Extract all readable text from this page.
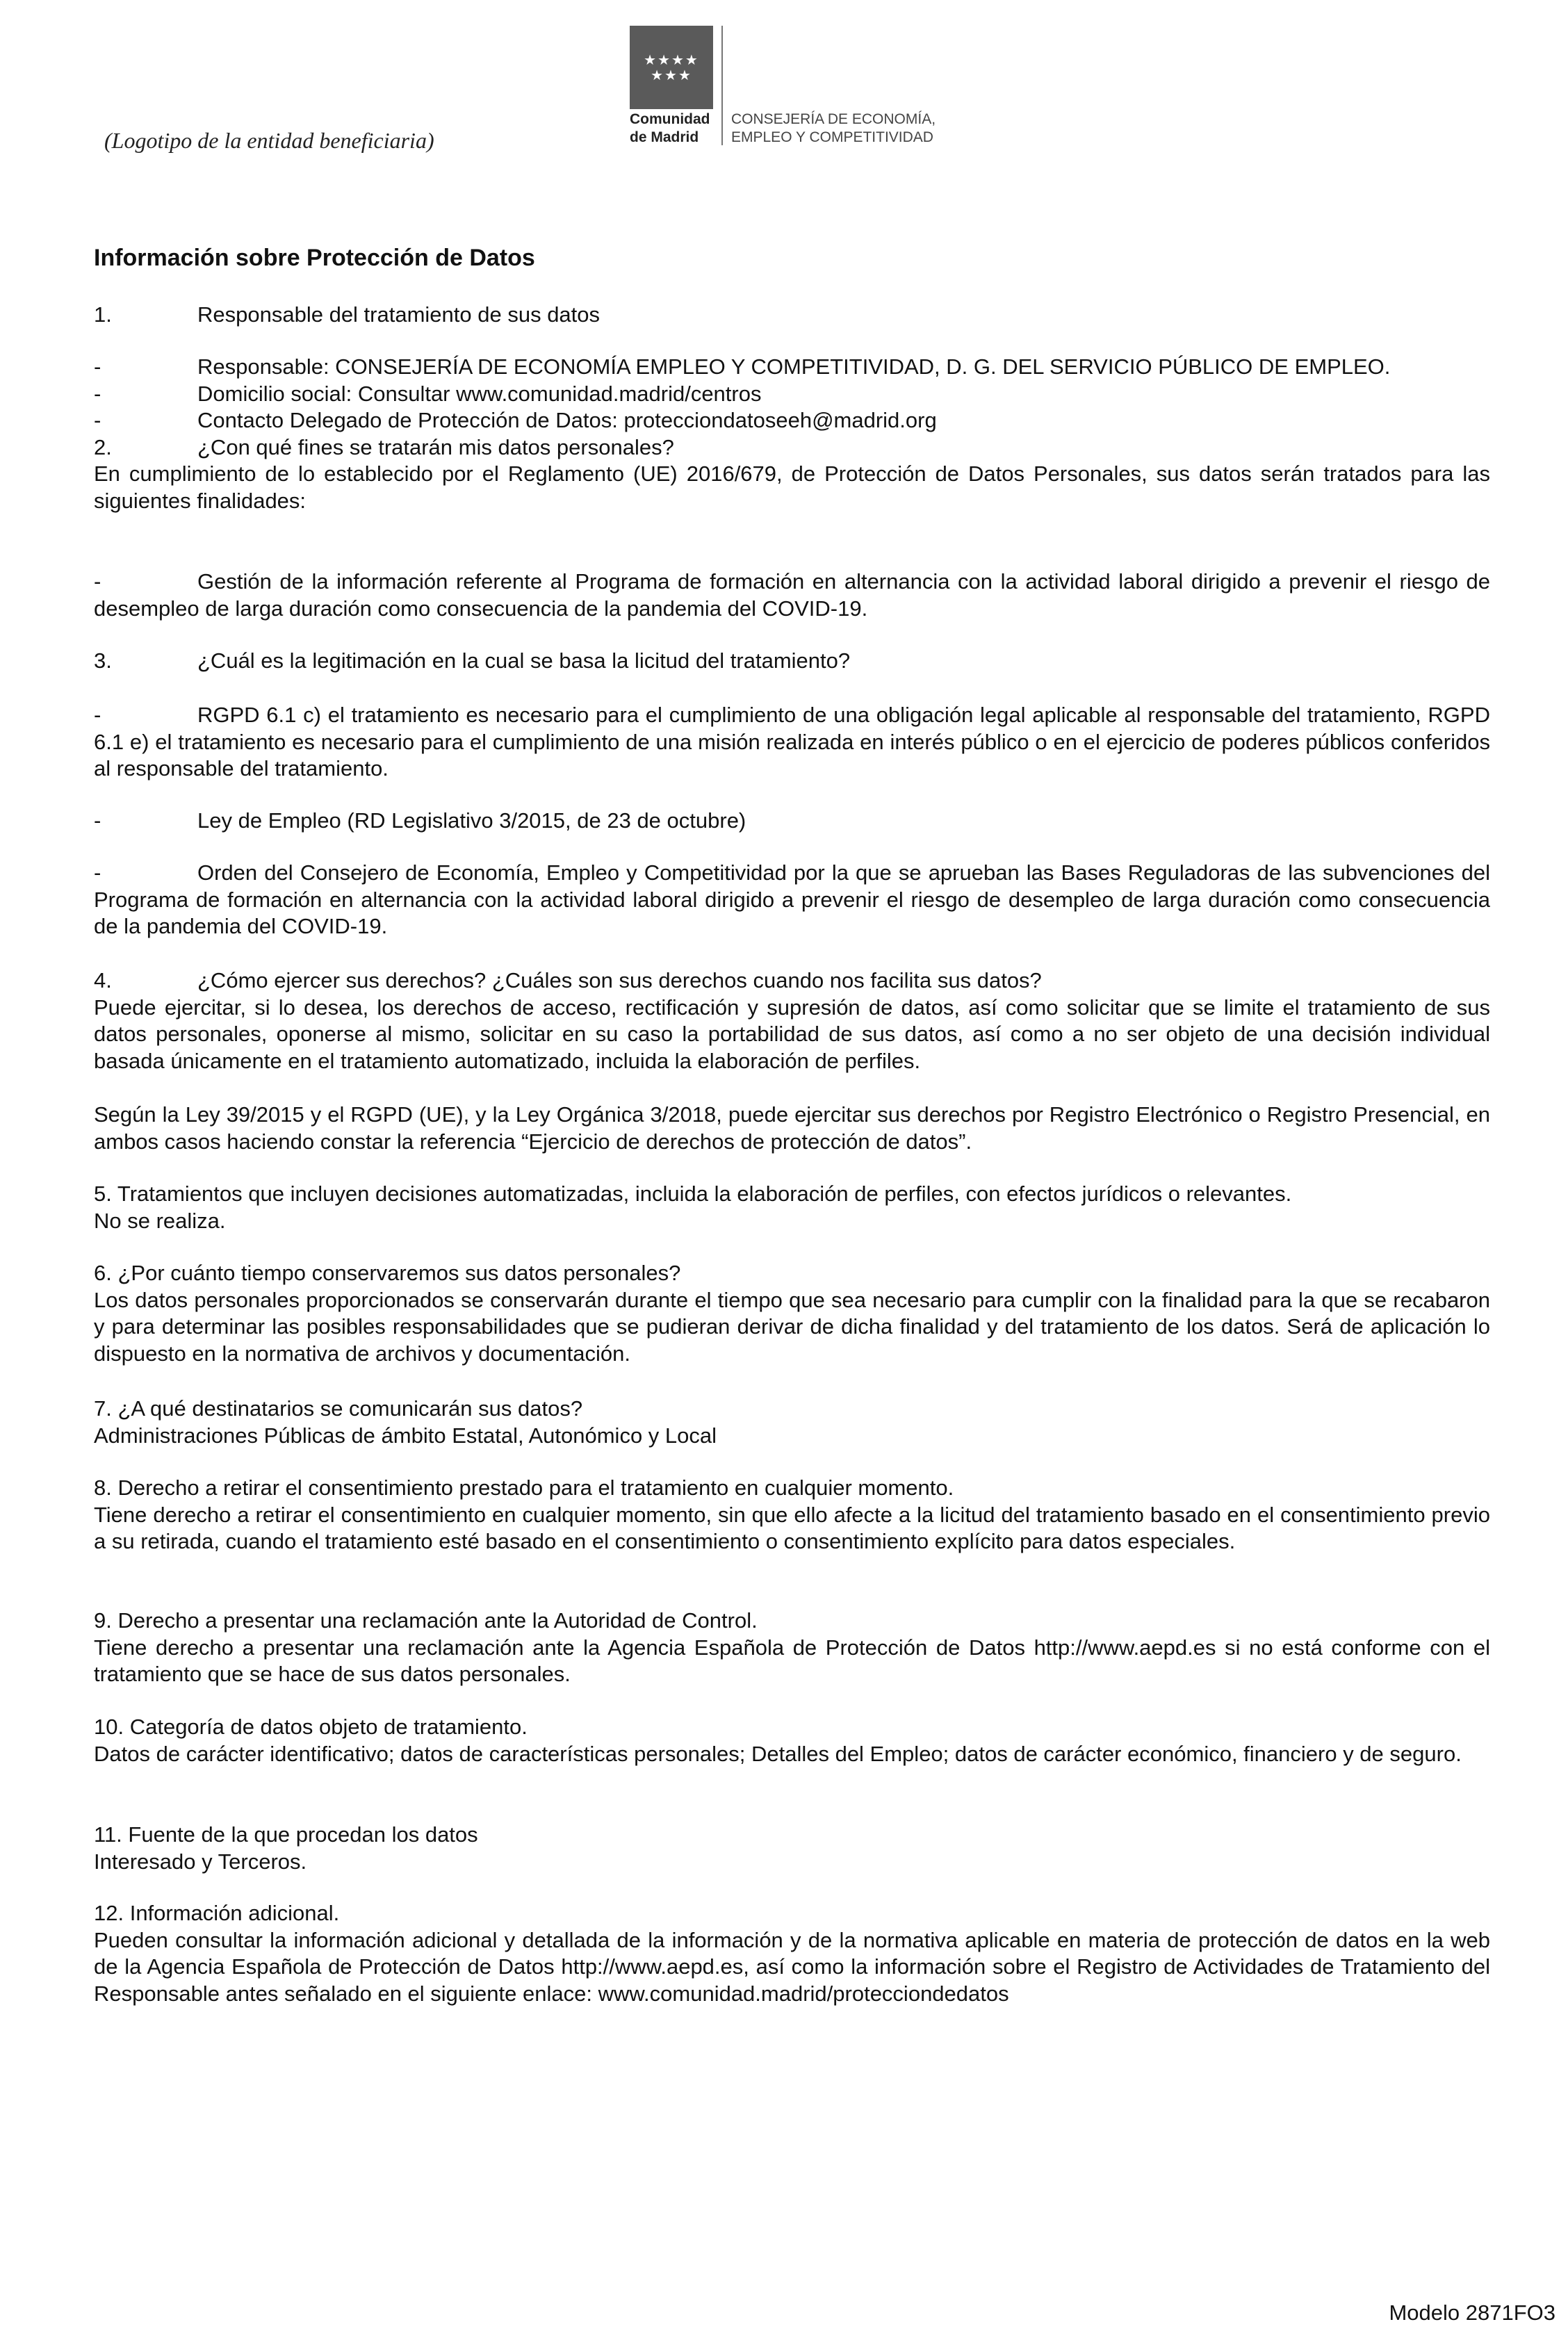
(Logotipo de la entidad beneficiaria)
★★★★
★★★
Comunidad
de Madrid
CONSEJERÍA DE ECONOMÍA,
EMPLEO Y COMPETITIVIDAD
Información sobre Protección de Datos
1.	Responsable del tratamiento de sus datos

-	Responsable: CONSEJERÍA DE ECONOMÍA EMPLEO Y COMPETITIVIDAD, D. G. DEL SERVICIO PÚBLICO DE EMPLEO.

-	Domicilio social: Consultar www.comunidad.madrid/centros

-	Contacto Delegado de Protección de Datos: protecciondatoseeh@madrid.org

2.	¿Con qué fines se tratarán mis datos personales?

En cumplimiento de lo establecido por el Reglamento (UE) 2016/679, de Protección de Datos Personales, sus datos serán tratados para las siguientes finalidades:

-	Gestión de la información referente al Programa de formación en alternancia con la actividad laboral dirigido a prevenir el riesgo de desempleo de larga duración como consecuencia de la pandemia del COVID-19.
3.	¿Cuál es la legitimación en la cual se basa la licitud del tratamiento?
-	RGPD 6.1 c) el tratamiento es necesario para el cumplimiento de una obligación legal aplicable al responsable del tratamiento, RGPD 6.1 e) el tratamiento es necesario para el cumplimiento de una misión realizada en interés público o en el ejercicio de poderes públicos conferidos al responsable del tratamiento.
-	Ley de Empleo (RD Legislativo 3/2015, de 23 de octubre)
-	Orden del Consejero de Economía, Empleo y Competitividad por la que se aprueban las Bases Reguladoras de las subvenciones del Programa de formación en alternancia con la actividad laboral dirigido a prevenir el riesgo de desempleo de larga duración como consecuencia de la pandemia del COVID-19.

4.	¿Cómo ejercer sus derechos? ¿Cuáles son sus derechos cuando nos facilita sus datos?

Puede ejercitar, si lo desea, los derechos de acceso, rectificación y supresión de datos, así como solicitar que se limite el tratamiento de sus datos personales, oponerse al mismo, solicitar en su caso la portabilidad de sus datos, así como a no ser objeto de una decisión individual basada únicamente en el tratamiento automatizado, incluida la elaboración de perfiles.

Según la Ley 39/2015 y el RGPD (UE), y la Ley Orgánica 3/2018, puede ejercitar sus derechos por Registro Electrónico o Registro Presencial, en ambos casos haciendo constar la referencia “Ejercicio de derechos de protección de datos”.

5. Tratamientos que incluyen decisiones automatizadas, incluida la elaboración de perfiles, con efectos jurídicos o relevantes.

No se realiza.

6. ¿Por cuánto tiempo conservaremos sus datos personales?

Los datos personales proporcionados se conservarán durante el tiempo que sea necesario para cumplir con la finalidad para la que se recabaron y para determinar las posibles responsabilidades que se pudieran derivar de dicha finalidad y del tratamiento de los datos. Será de aplicación lo dispuesto en la normativa de archivos y documentación.

7. ¿A qué destinatarios se comunicarán sus datos?

Administraciones Públicas de ámbito Estatal, Autonómico y Local

8. Derecho a retirar el consentimiento prestado para el tratamiento en cualquier momento.

Tiene derecho a retirar el consentimiento en cualquier momento, sin que ello afecte a la licitud del tratamiento basado en el consentimiento previo a su retirada, cuando el tratamiento esté basado en el consentimiento o consentimiento explícito para datos especiales.

9. Derecho a presentar una reclamación ante la Autoridad de Control.

Tiene derecho a presentar una reclamación ante la Agencia Española de Protección de Datos http://www.aepd.es si no está conforme con el tratamiento que se hace de sus datos personales.

10. Categoría de datos objeto de tratamiento.

Datos de carácter identificativo; datos de características personales; Detalles del Empleo; datos de carácter económico, financiero y de seguro.

11. Fuente de la que procedan los datos

Interesado y Terceros.

12. Información adicional.

Pueden consultar la información adicional y detallada de la información y de la normativa aplicable en materia de protección de datos en la web de la Agencia Española de Protección de Datos http://www.aepd.es, así como la información sobre el Registro de Actividades de Tratamiento del Responsable antes señalado en el siguiente enlace: www.comunidad.madrid/protecciondedatos

Modelo 2871FO3
